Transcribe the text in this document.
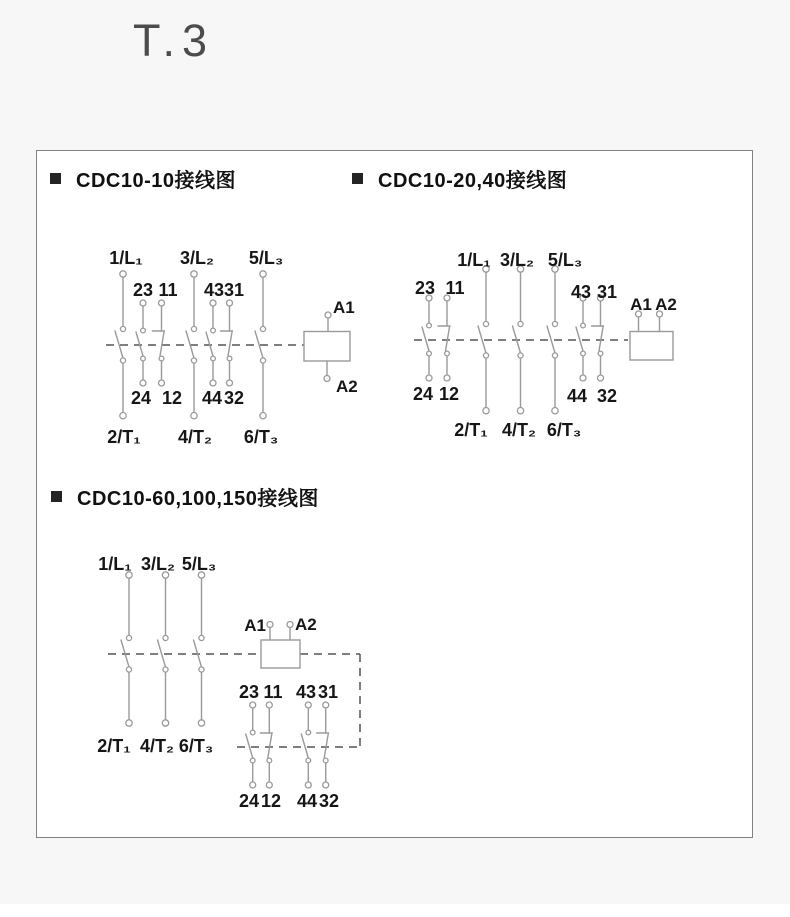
T.3
CDC10-10接线图	CDC10-20,40接线图
CDC10-60,100,150接线图
1/L₁ 3/L₂ 5/L₃
23 11 43 31
24 12 44 32
2/T₁ 4/T₂ 6/T₃
A1
A2
23 11
1/L₁ 3/L₂ 5/L₃
43 31
A1 A2
24 12	44 32
2/T₁ 4/T₂ 6/T₃
1/L₁ 3/L₂ 5/L₃
2/T₁ 4/T₂ 6/T₃
A1 A2
23 11 43 31
24 12 44 32
